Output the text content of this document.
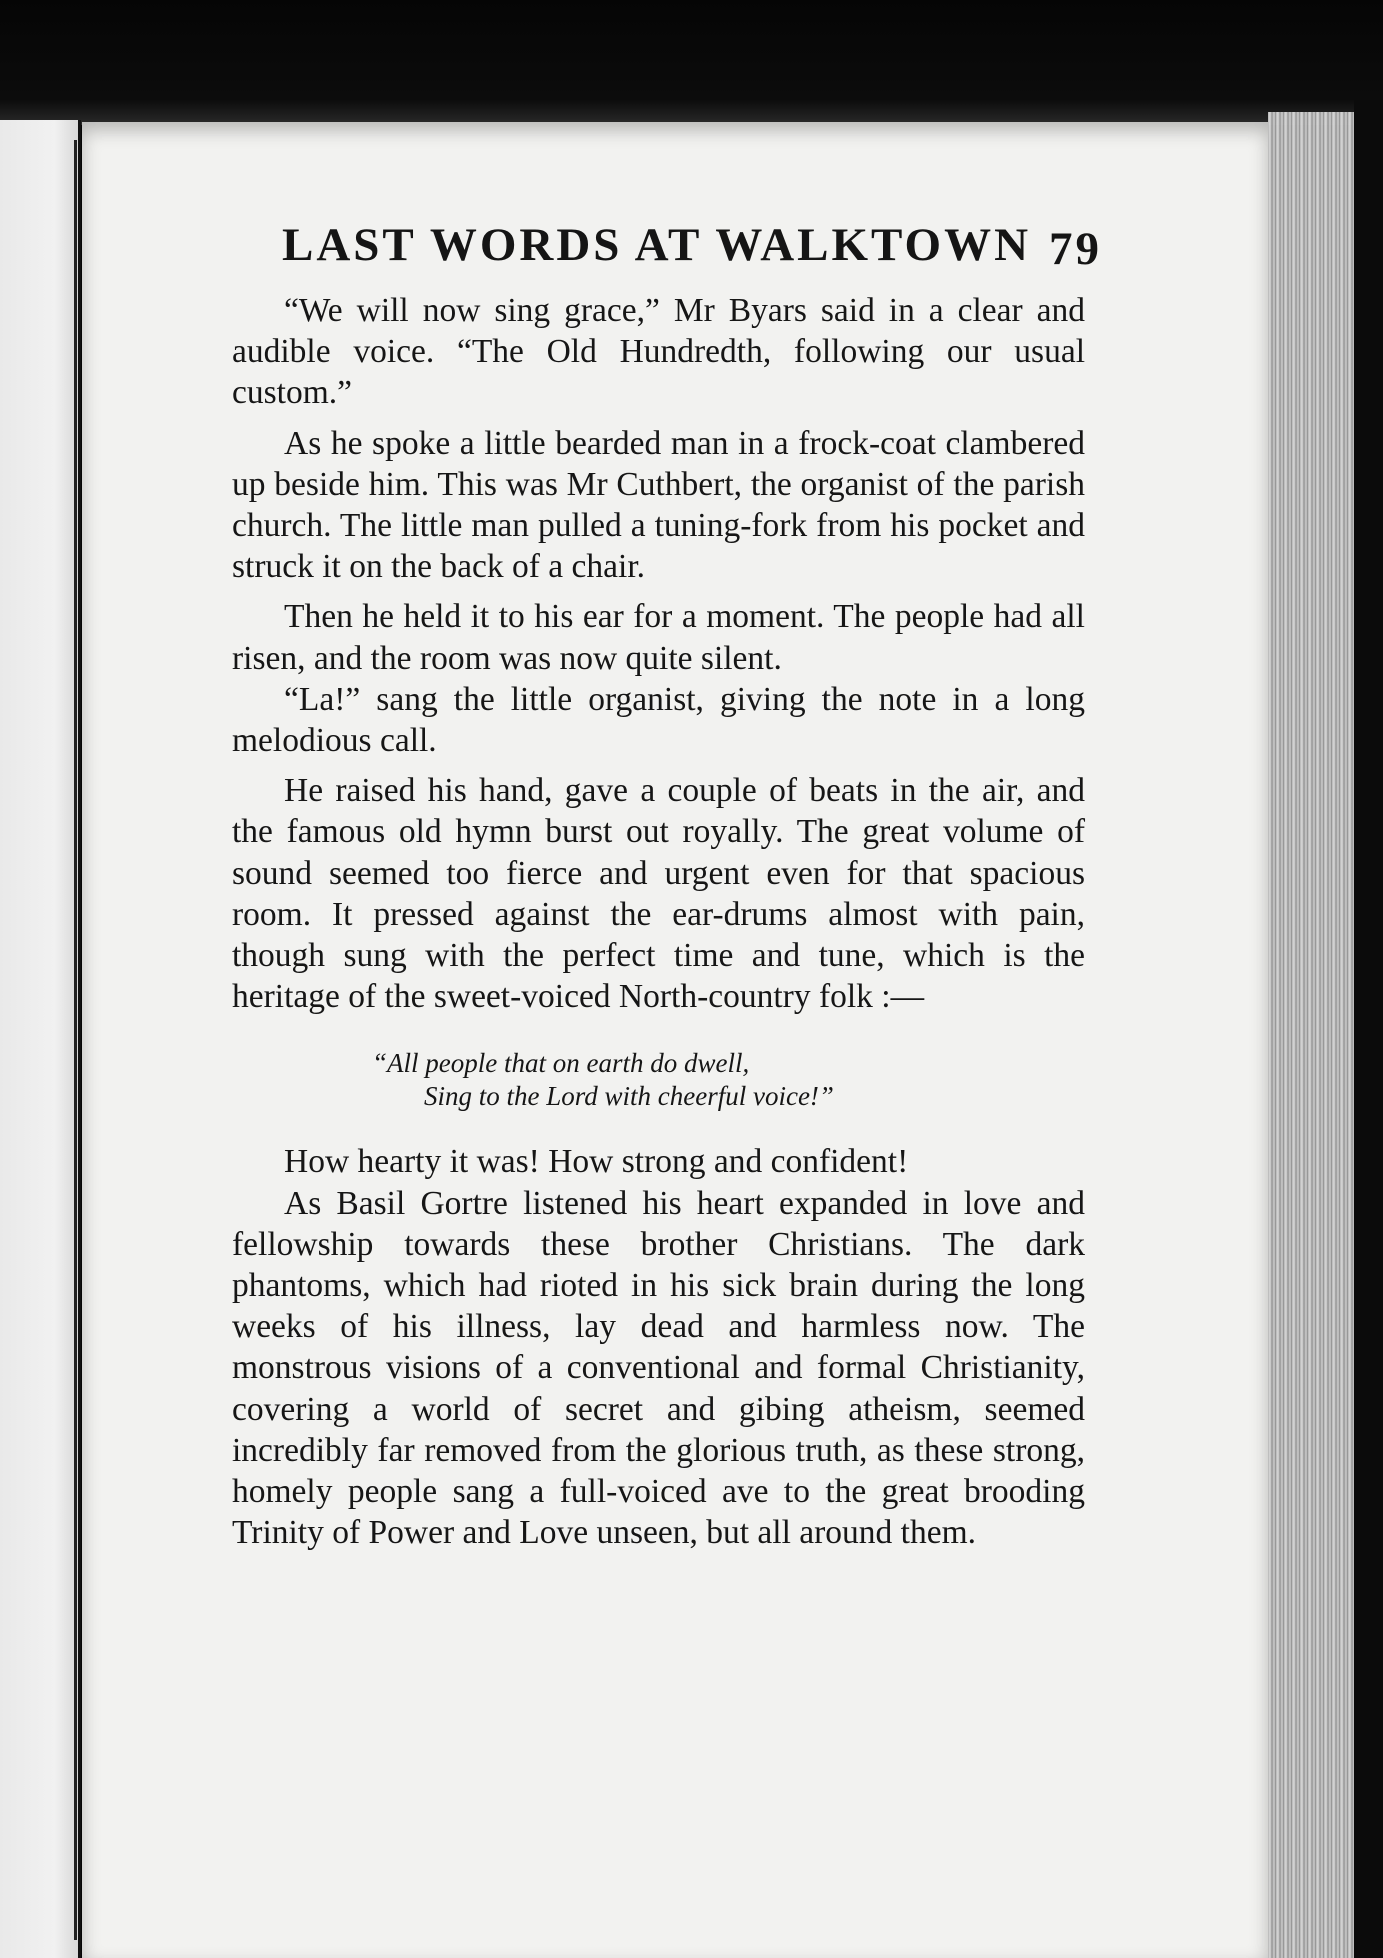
LAST WORDS AT WALKTOWN 79

“We will now sing grace,” Mr Byars said in a clear and audible voice. “The Old Hundredth, following our usual custom.”

As he spoke a little bearded man in a frock-coat clambered up beside him. This was Mr Cuthbert, the organist of the parish church. The little man pulled a tuning-fork from his pocket and struck it on the back of a chair.

Then he held it to his ear for a moment. The people had all risen, and the room was now quite silent.

“La!” sang the little organist, giving the note in a long melodious call.

He raised his hand, gave a couple of beats in the air, and the famous old hymn burst out royally. The great volume of sound seemed too fierce and urgent even for that spacious room. It pressed against the ear-drums almost with pain, though sung with the perfect time and tune, which is the heritage of the sweet-voiced North-country folk :—

“All people that on earth do dwell,
Sing to the Lord with cheerful voice!”

How hearty it was! How strong and confident!

As Basil Gortre listened his heart expanded in love and fellowship towards these brother Christians. The dark phantoms, which had rioted in his sick brain during the long weeks of his illness, lay dead and harmless now. The monstrous visions of a conventional and formal Christianity, covering a world of secret and gibing atheism, seemed incredibly far removed from the glorious truth, as these strong, homely people sang a full-voiced ave to the great brooding Trinity of Power and Love unseen, but all around them.
